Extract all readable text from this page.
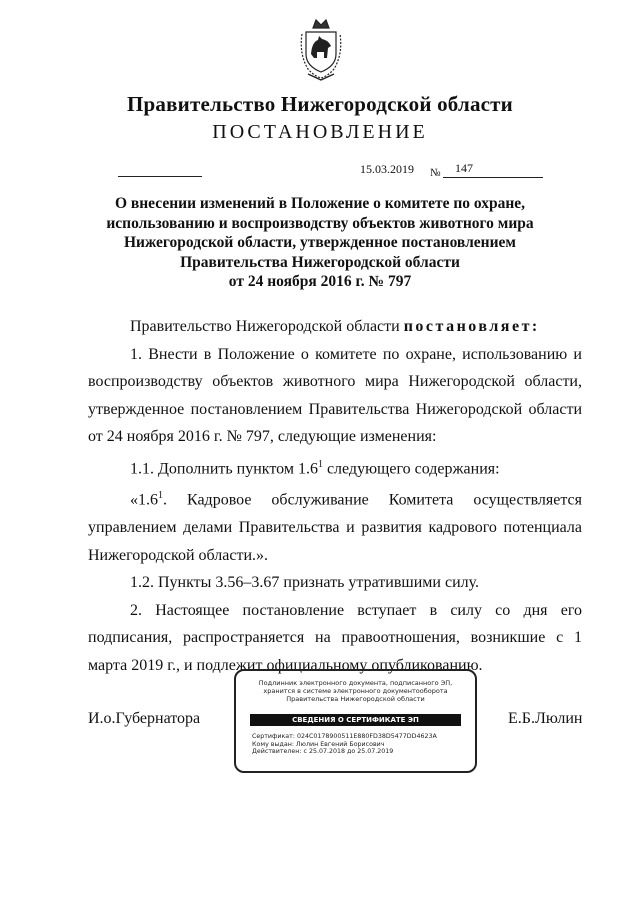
Правительство Нижегородской области
ПОСТАНОВЛЕНИЕ
15.03.2019 № 147
О внесении изменений в Положение о комитете по охране,
использованию и воспроизводству объектов животного мира
Нижегородской области, утвержденное постановлением
Правительства Нижегородской области
от 24 ноября 2016 г. № 797

Правительство Нижегородской области постановляет:

1. Внести в Положение о комитете по охране, использованию и воспроизводству объектов животного мира Нижегородской области, утвержденное постановлением Правительства Нижегородской области от 24 ноября 2016 г. № 797, следующие изменения:

1.1. Дополнить пунктом $1.6^1$ следующего содержания:

«$1.6^1$. Кадровое обслуживание Комитета осуществляется управлением делами Правительства и развития кадрового потенциала Нижегородской области.».

1.2. Пункты 3.56–3.67 признать утратившими силу.

2. Настоящее постановление вступает в силу со дня его подписания, распространяется на правоотношения, возникшие с 1 марта 2019 г., и подлежит официальному опубликованию.

И.о.Губернатора	Е.Б.Люлин
Подлинник электронного документа, подписанного ЭП,
хранится в системе электронного документооборота
Правительства Нижегородской области
СВЕДЕНИЯ О СЕРТИФИКАТЕ ЭП
Сертификат: 024C0178900511E880FD38D5477DD4623A
Кому выдан: Люлин Евгений Борисович
Действителен: с 25.07.2018 до 25.07.2019
